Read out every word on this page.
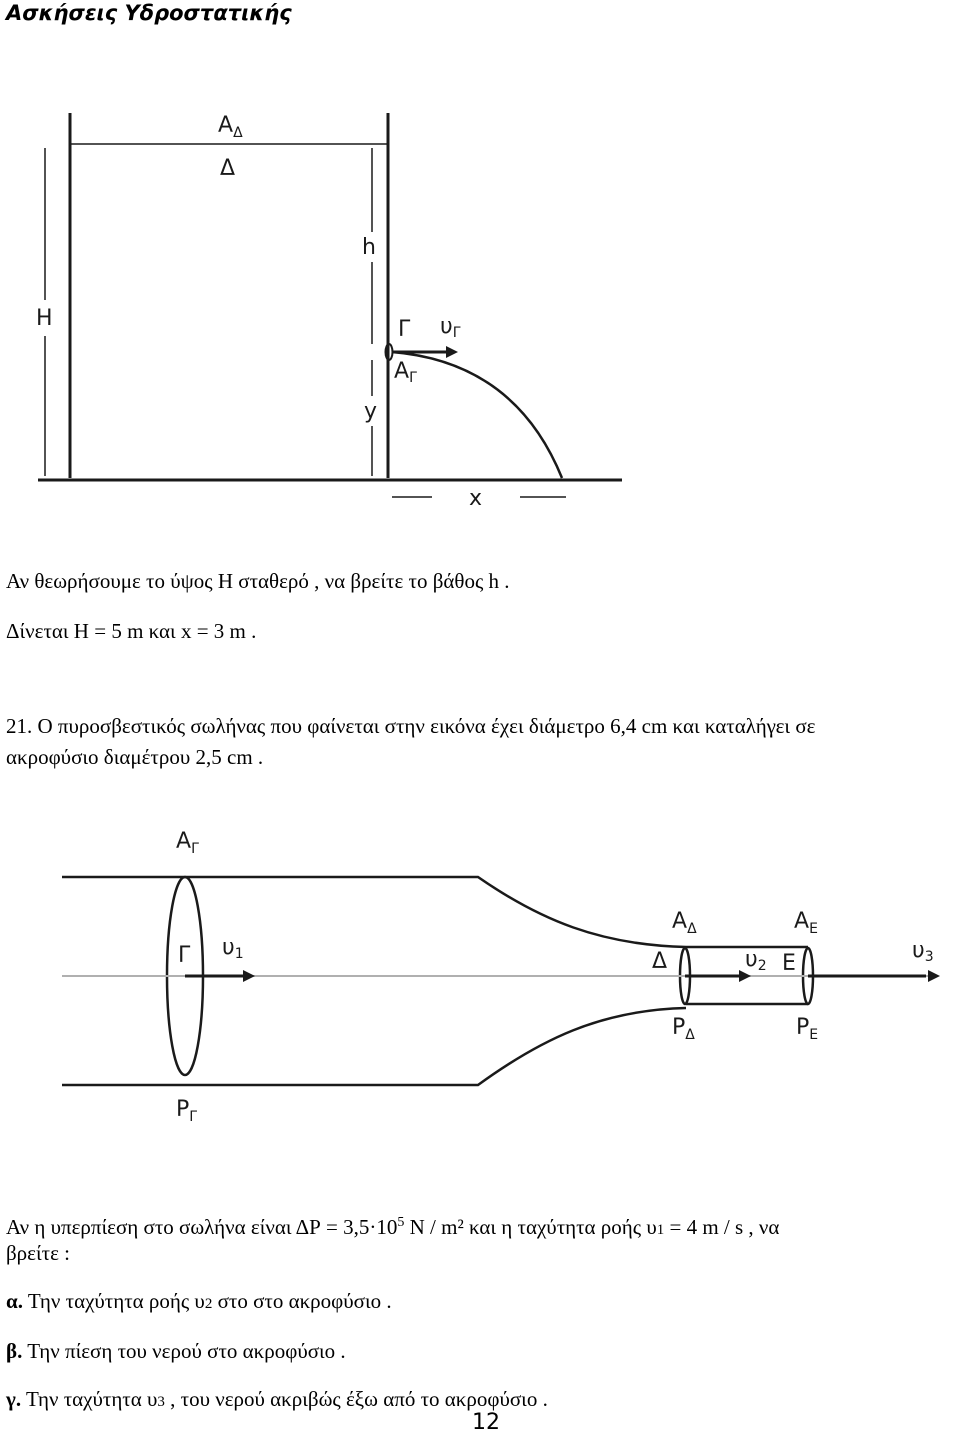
Ασκήσεις Υδροστατικής
$A_\Delta$
Δ
h
H	Γ υΓ
ΑΓ
y
x
Αν θεωρήσουμε το ύψος Η σταθερό , να βρείτε το βάθος h .
Δίνεται Η = 5 m και x = 3 m .
21. Ο πυροσβεστικός σωλήνας που φαίνεται στην εικόνα έχει διάμετρο 6,4 cm και καταλήγει σε
ακροφύσιο διαμέτρου 2,5 cm .
$A_\Gamma$
Γ υ1
$P_\Gamma$
$A_\Delta$
Δ	υ2 Ε
$A_E$
$P_\Delta$	$P_E$
υ3
Αν η υπερπίεση στο σωλήνα είναι $\Delta P = 3,5\cdot 10^5$ N / m² και η ταχύτητα ροής υ1 = 4 m / s , να
βρείτε :
α. Την ταχύτητα ροής υ2 στο στο ακροφύσιο .
β. Την πίεση του νερού στο ακροφύσιο .
γ. Την ταχύτητα υ3 , του νερού ακριβώς έξω από το ακροφύσιο .
12
